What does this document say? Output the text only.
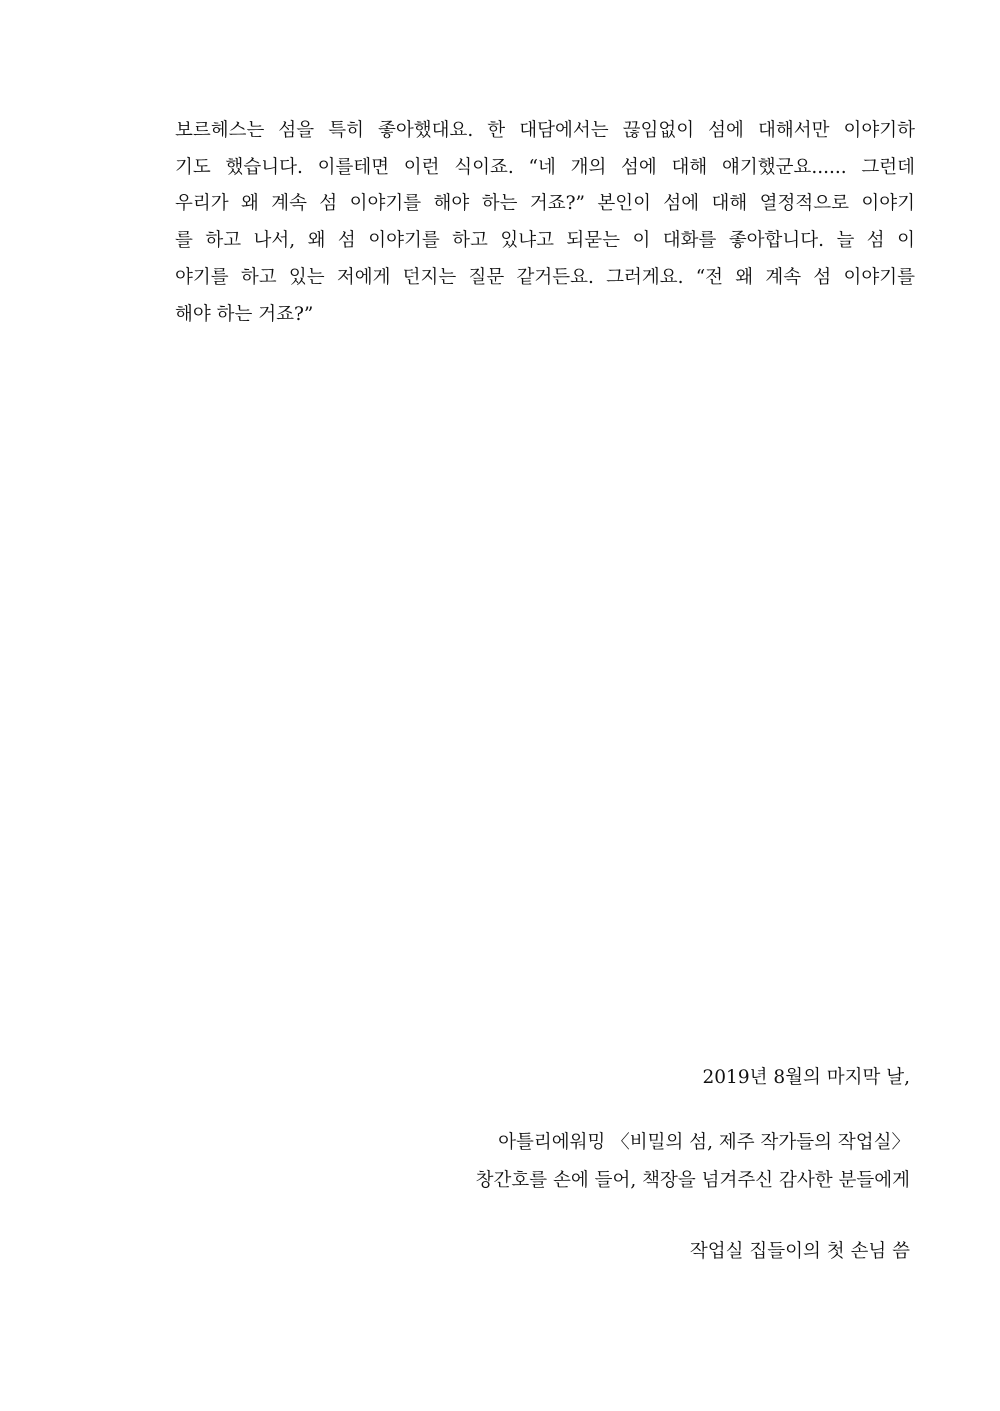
보르헤스는 섬을 특히 좋아했대요. 한 대담에서는 끊임없이 섬에 대해서만 이야기하
기도 했습니다. 이를테면 이런 식이죠. “네 개의 섬에 대해 얘기했군요...... 그런데
우리가 왜 계속 섬 이야기를 해야 하는 거죠?” 본인이 섬에 대해 열정적으로 이야기
를 하고 나서, 왜 섬 이야기를 하고 있냐고 되묻는 이 대화를 좋아합니다. 늘 섬 이
야기를 하고 있는 저에게 던지는 질문 같거든요. 그러게요. “전 왜 계속 섬 이야기를
해야 하는 거죠?”

2019년 8월의 마지막 날,

아틀리에워밍 〈비밀의 섬, 제주 작가들의 작업실〉

창간호를 손에 들어, 책장을 넘겨주신 감사한 분들에게

작업실 집들이의 첫 손님 씀
